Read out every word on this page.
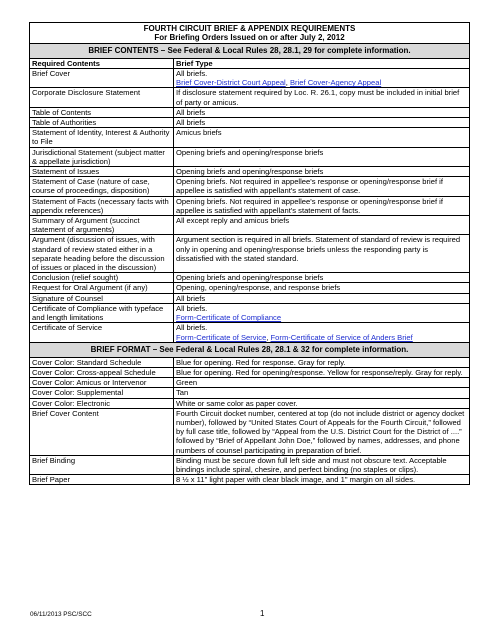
FOURTH CIRCUIT BRIEF & APPENDIX REQUIREMENTS
For Briefing Orders Issued on or after July 2, 2012	

BRIEF CONTENTS – See Federal & Local Rules 28, 28.1, 29 for complete information.	
Required Contents	Brief Type
Brief Cover	All briefs.
Brief Cover-District Court Appeal, Brief Cover-Agency Appeal

Corporate Disclosure Statement	If disclosure statement required by Loc. R. 26.1, copy must be included in initial brief of party or amicus.

Table of Contents	All briefs

Table of Authorities	All briefs

Statement of Identity, Interest & Authority to File	Amicus briefs

Jurisdictional Statement (subject matter & appellate jurisdiction)	Opening briefs and opening/response briefs

Statement of Issues	Opening briefs and opening/response briefs

Statement of Case (nature of case, course of proceedings, disposition)	Opening briefs. Not required in appellee's response or opening/response brief if appellee is satisfied with appellant's statement of case.

Statement of Facts (necessary facts with appendix references)	Opening briefs. Not required in appellee's response or opening/response brief if appellee is satisfied with appellant's statement of facts.

Summary of Argument (succinct statement of arguments)	All except reply and amicus briefs

Argument (discussion of issues, with standard of review stated either in a separate heading before the discussion of issues or placed in the discussion)	Argument section is required in all briefs. Statement of standard of review is required only in opening and opening/response briefs unless the responding party is dissatisfied with the stated standard.

Conclusion (relief sought)	Opening briefs and opening/response briefs

Request for Oral Argument (if any)	Opening, opening/response, and response briefs

Signature of Counsel	All briefs

Certificate of Compliance with typeface and length limitations	All briefs.
Form-Certificate of Compliance

Certificate of Service	All briefs.
Form-Certificate of Service, Form-Certificate of Service of Anders Brief

BRIEF FORMAT – See Federal & Local Rules 28, 28.1 & 32 for complete information.	
Cover Color: Standard Schedule	Blue for opening. Red for response. Gray for reply.
Cover Color: Cross-appeal Schedule	Blue for opening. Red for opening/response. Yellow for response/reply. Gray for reply.
Cover Color: Amicus or Intervenor	Green
Cover Color: Supplemental	Tan
Cover Color: Electronic	White or same color as paper cover.
Brief Cover Content	Fourth Circuit docket number, centered at top (do not include district or agency docket number), followed by “United States Court of Appeals for the Fourth Circuit,” followed by full case title, followed by “Appeal from the U.S. District Court for the District of ....” followed by “Brief of Appellant John Doe,” followed by names, addresses, and phone numbers of counsel participating in preparation of brief.
Brief Binding	Binding must be secure down full left side and must not obscure text. Acceptable bindings include spiral, chesire, and perfect binding (no staples or clips).
Brief Paper	8 ½ x 11" light paper with clear black image, and 1" margin on all sides.
06/11/2013 PSC/SCC	1
